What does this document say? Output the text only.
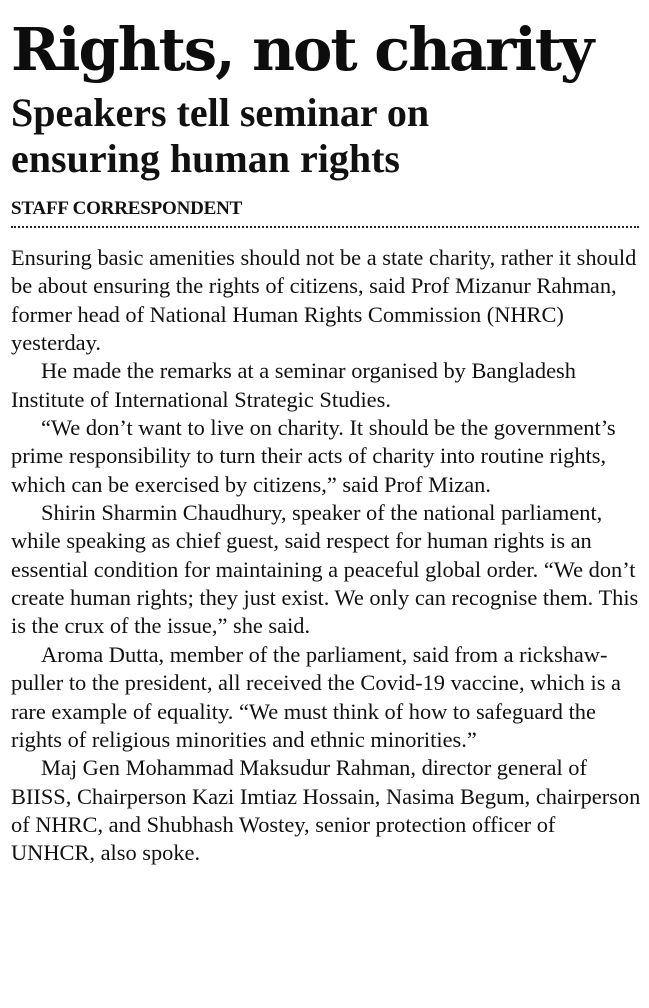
Rights, not charity
Speakers tell seminar on ensuring human rights
STAFF CORRESPONDENT

Ensuring basic amenities should not be a state charity, rather it should be about ensuring the rights of citizens, said Prof Mizanur Rahman, former head of National Human Rights Commission (NHRC) yesterday.

He made the remarks at a seminar organised by Bangladesh Institute of International Strategic Studies.

“We don’t want to live on charity. It should be the government’s prime responsibility to turn their acts of charity into routine rights, which can be exercised by citizens,” said Prof Mizan.

Shirin Sharmin Chaudhury, speaker of the national parliament, while speaking as chief guest, said respect for human rights is an essential condition for maintaining a peaceful global order. “We don’t create human rights; they just exist. We only can recognise them. This is the crux of the issue,” she said.

Aroma Dutta, member of the parliament, said from a rickshaw-puller to the president, all received the Covid-19 vaccine, which is a rare example of equality. “We must think of how to safeguard the rights of religious minorities and ethnic minorities.”

Maj Gen Mohammad Maksudur Rahman, director general of BIISS, Chairperson Kazi Imtiaz Hossain, Nasima Begum, chairperson of NHRC, and Shubhash Wostey, senior protection officer of UNHCR, also spoke.
